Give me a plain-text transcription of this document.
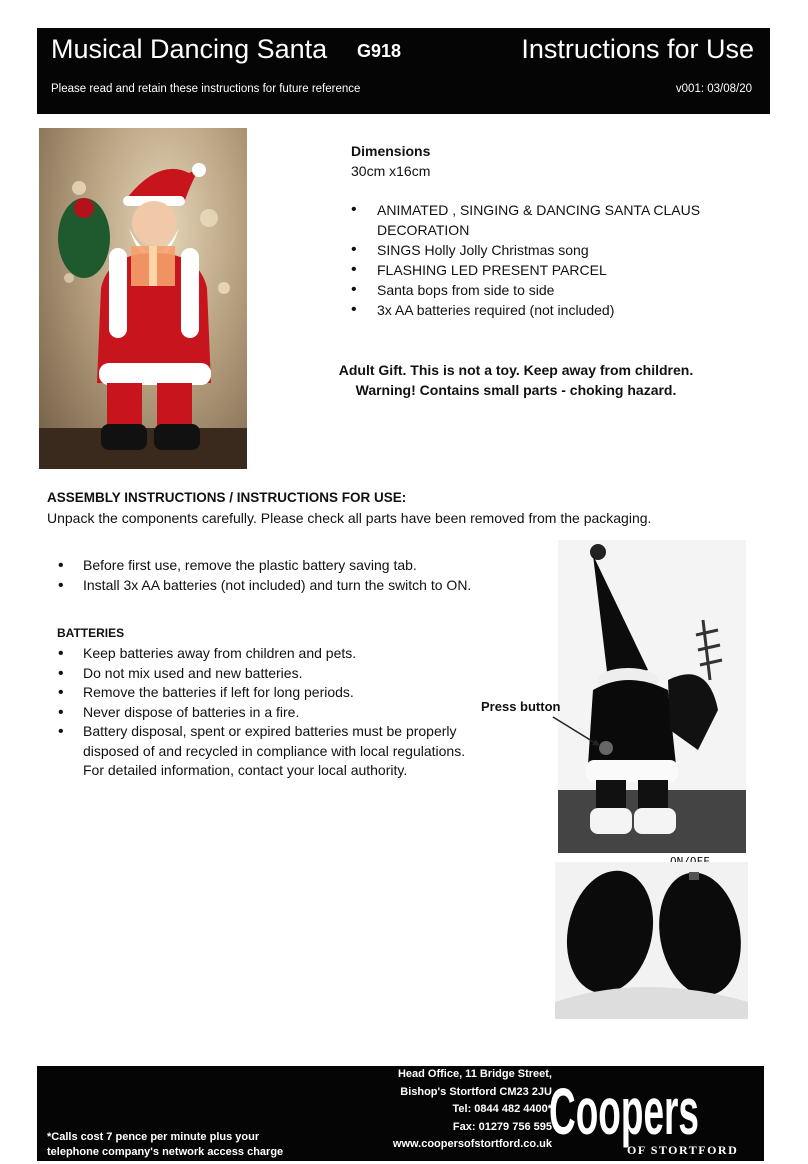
Musical Dancing Santa G918	Instructions for Use
Please read and retain these instructions for future reference	v001: 03/08/20
Dimensions
30cm x16cm
• ANIMATED , SINGING & DANCING SANTA CLAUS DECORATION
• SINGS Holly Jolly Christmas song
• FLASHING LED PRESENT PARCEL
• Santa bops from side to side
• 3x AA batteries required (not included)
Adult Gift. This is not a toy. Keep away from children.
Warning! Contains small parts - choking hazard.
ASSEMBLY INSTRUCTIONS / INSTRUCTIONS FOR USE:
Unpack the components carefully. Please check all parts have been removed from the packaging.
• Before first use, remove the plastic battery saving tab.
• Install 3x AA batteries (not included) and turn the switch to ON.
BATTERIES
• Keep batteries away from children and pets.
• Do not mix used and new batteries.
• Remove the batteries if left for long periods.
• Never dispose of batteries in a fire.
• Battery disposal, spent or expired batteries must be properly disposed of and recycled in compliance with local regulations. For detailed information, contact your local authority.
Press button
Head Office, 11 Bridge Street,
Bishop's Stortford CM23 2JU
Tel: 0844 482 4400*
Fax: 01279 756 595
www.coopersofstortford.co.uk
*Calls cost 7 pence per minute plus your
telephone company's network access charge
Coopers
OF STORTFORD
